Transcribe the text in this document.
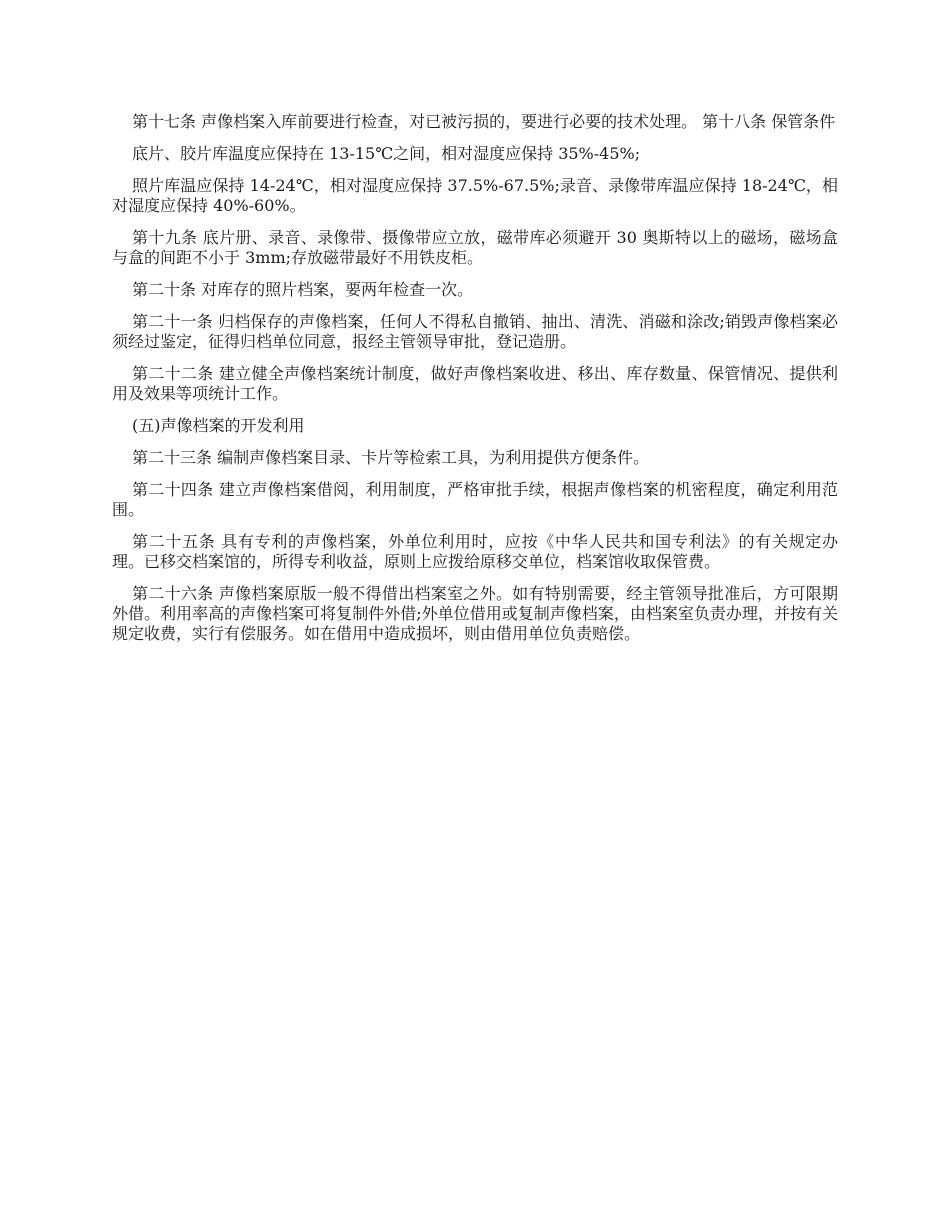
第十七条 声像档案入库前要进行检查，对已被污损的，要进行必要的技术处理。 第十八条 保管条件

底片、胶片库温度应保持在 13-15℃之间，相对湿度应保持 35%-45%;

照片库温应保持 14-24℃，相对湿度应保持 37.5%-67.5%;录音、录像带库温应保持 18-24℃，相对湿度应保持 40%-60%。

第十九条 底片册、录音、录像带、摄像带应立放，磁带库必须避开 30 奥斯特以上的磁场，磁场盒与盒的间距不小于 3mm;存放磁带最好不用铁皮柜。

第二十条 对库存的照片档案，要两年检查一次。

第二十一条 归档保存的声像档案，任何人不得私自撤销、抽出、清洗、消磁和涂改;销毁声像档案必须经过鉴定，征得归档单位同意，报经主管领导审批，登记造册。

第二十二条 建立健全声像档案统计制度，做好声像档案收进、移出、库存数量、保管情况、提供利用及效果等项统计工作。

(五)声像档案的开发利用

第二十三条 编制声像档案目录、卡片等检索工具，为利用提供方便条件。

第二十四条 建立声像档案借阅，利用制度，严格审批手续，根据声像档案的机密程度，确定利用范围。

第二十五条 具有专利的声像档案，外单位利用时，应按《中华人民共和国专利法》的有关规定办理。已移交档案馆的，所得专利收益，原则上应拨给原移交单位，档案馆收取保管费。

第二十六条 声像档案原版一般不得借出档案室之外。如有特别需要，经主管领导批准后，方可限期外借。利用率高的声像档案可将复制件外借;外单位借用或复制声像档案，由档案室负责办理，并按有关规定收费，实行有偿服务。如在借用中造成损坏，则由借用单位负责赔偿。
